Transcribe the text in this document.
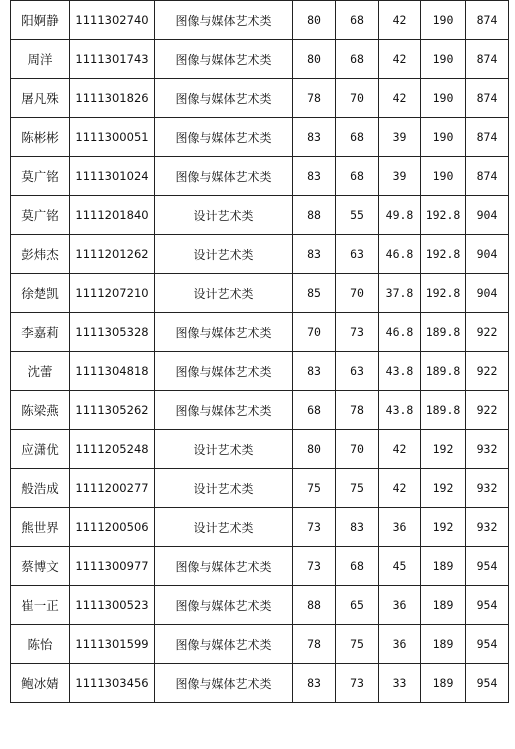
阳婀静	1111302740	图像与媒体艺术类	80	68	42	190	874
周洋	1111301743	图像与媒体艺术类	80	68	42	190	874
屠凡殊	1111301826	图像与媒体艺术类	78	70	42	190	874
陈彬彬	1111300051	图像与媒体艺术类	83	68	39	190	874
莫广铭	1111301024	图像与媒体艺术类	83	68	39	190	874
莫广铭	1111201840	设计艺术类	88	55	49.8	192.8	904
彭炜杰	1111201262	设计艺术类	83	63	46.8	192.8	904
徐楚凯	1111207210	设计艺术类	85	70	37.8	192.8	904
李嘉莉	1111305328	图像与媒体艺术类	70	73	46.8	189.8	922
沈蕾	1111304818	图像与媒体艺术类	83	63	43.8	189.8	922
陈梁燕	1111305262	图像与媒体艺术类	68	78	43.8	189.8	922
应潇优	1111205248	设计艺术类	80	70	42	192	932
般浩成	1111200277	设计艺术类	75	75	42	192	932
熊世界	1111200506	设计艺术类	73	83	36	192	932
蔡博文	1111300977	图像与媒体艺术类	73	68	45	189	954
崔一正	1111300523	图像与媒体艺术类	88	65	36	189	954
陈怡	1111301599	图像与媒体艺术类	78	75	36	189	954
鲍冰婧	1111303456	图像与媒体艺术类	83	73	33	189	954
